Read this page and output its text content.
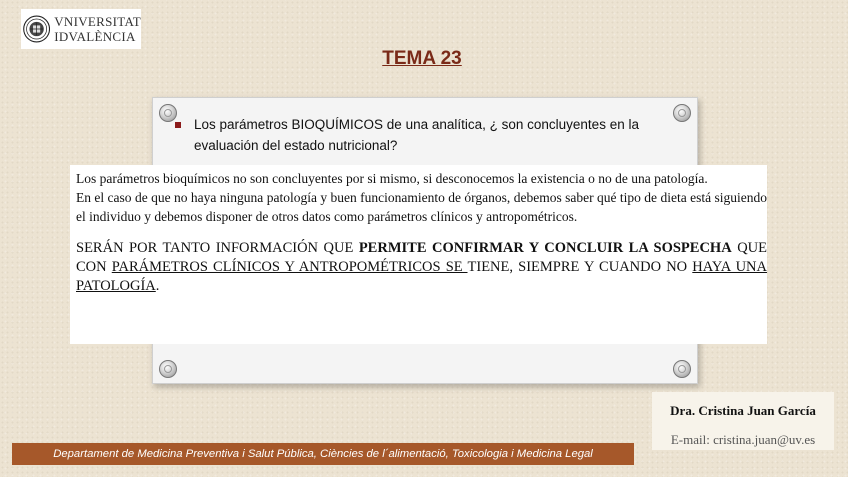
VNIVERSITAT
IDVALÈNCIA
TEMA 23
Los parámetros BIOQUÍMICOS de una analítica, ¿ son concluyentes en la evaluación del estado nutricional?

Los parámetros bioquímicos no son concluyentes por si mismo, si desconocemos la existencia o no de una patología.

En el caso de que no haya ninguna patología y buen funcionamiento de órganos, debemos saber qué tipo de dieta está siguiendo el individuo y debemos disponer de otros datos como parámetros clínicos y antropométricos.

SERÁN POR TANTO INFORMACIÓN QUE PERMITE CONFIRMAR Y CONCLUIR LA SOSPECHA QUE CON PARÁMETROS CLÍNICOS Y ANTROPOMÉTRICOS SE TIENE, SIEMPRE Y CUANDO NO HAYA UNA PATOLOGÍA.

Dra. Cristina Juan García
E-mail: cristina.juan@uv.es
Departament de Medicina Preventiva i Salut Pública, Ciències de l´alimentació, Toxicologia i Medicina Legal
